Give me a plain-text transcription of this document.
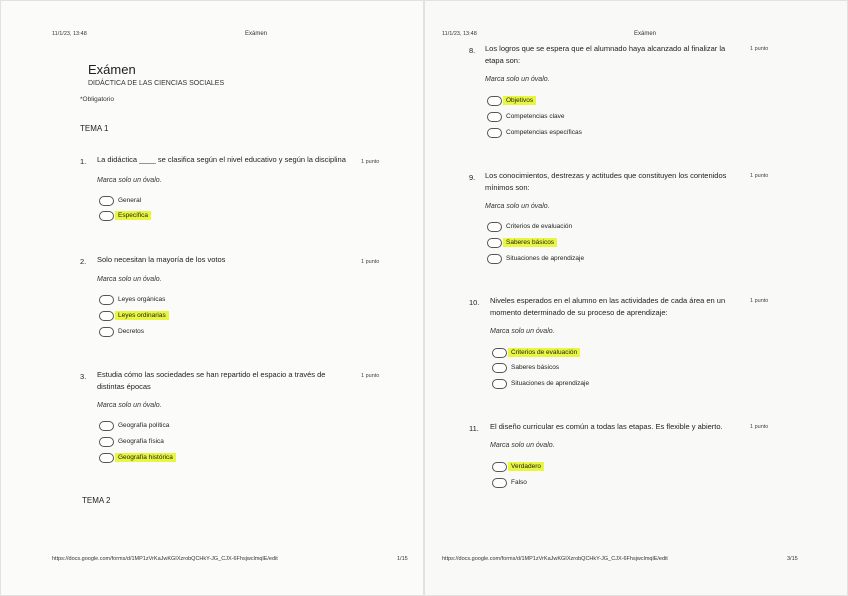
11/1/23, 13:48	Exámen
Exámen
DIDÁCTICA DE LAS CIENCIAS SOCIALES
*Obligatorio
TEMA 1
1. La didáctica ____ se clasifica según el nivel educativo y según la disciplina	1 punto
Marca solo un óvalo.
General
Específica
2. Solo necesitan la mayoría de los votos	1 punto
Marca solo un óvalo.
Leyes orgánicas
Leyes ordinarias
Decretos
3. Estudia cómo las sociedades se han repartido el espacio a través de distintas épocas
1 punto
Marca solo un óvalo.
Geografía política
Geografía física
Geografía histórica
TEMA 2
https://docs.google.com/forms/d/1MP1zVrKaJwKGIXzrobQCHkY-JG_CJX-6FhsjwclmqlE/edit	1/15
11/1/23, 13:48	Exámen
8. Los logros que se espera que el alumnado haya alcanzado al finalizar la etapa son:
1 punto
Marca solo un óvalo.
Objetivos
Competencias clave
Competencias específicas
9. Los conocimientos, destrezas y actitudes que constituyen los contenidos mínimos son:
1 punto
Marca solo un óvalo.
Criterios de evaluación
Saberes básicos
Situaciones de aprendizaje
10. Niveles esperados en el alumno en las actividades de cada área en un momento determinado de su proceso de aprendizaje:
1 punto
Marca solo un óvalo.
Criterios de evaluación
Saberes básicos
Situaciones de aprendizaje
11. El diseño curricular es común a todas las etapas. Es flexible y abierto.	1 punto
Marca solo un óvalo.
Verdadero
Falso
https://docs.google.com/forms/d/1MP1zVrKaJwKGIXzrobQCHkY-JG_CJX-6FhsjwclmqlE/edit	3/15
